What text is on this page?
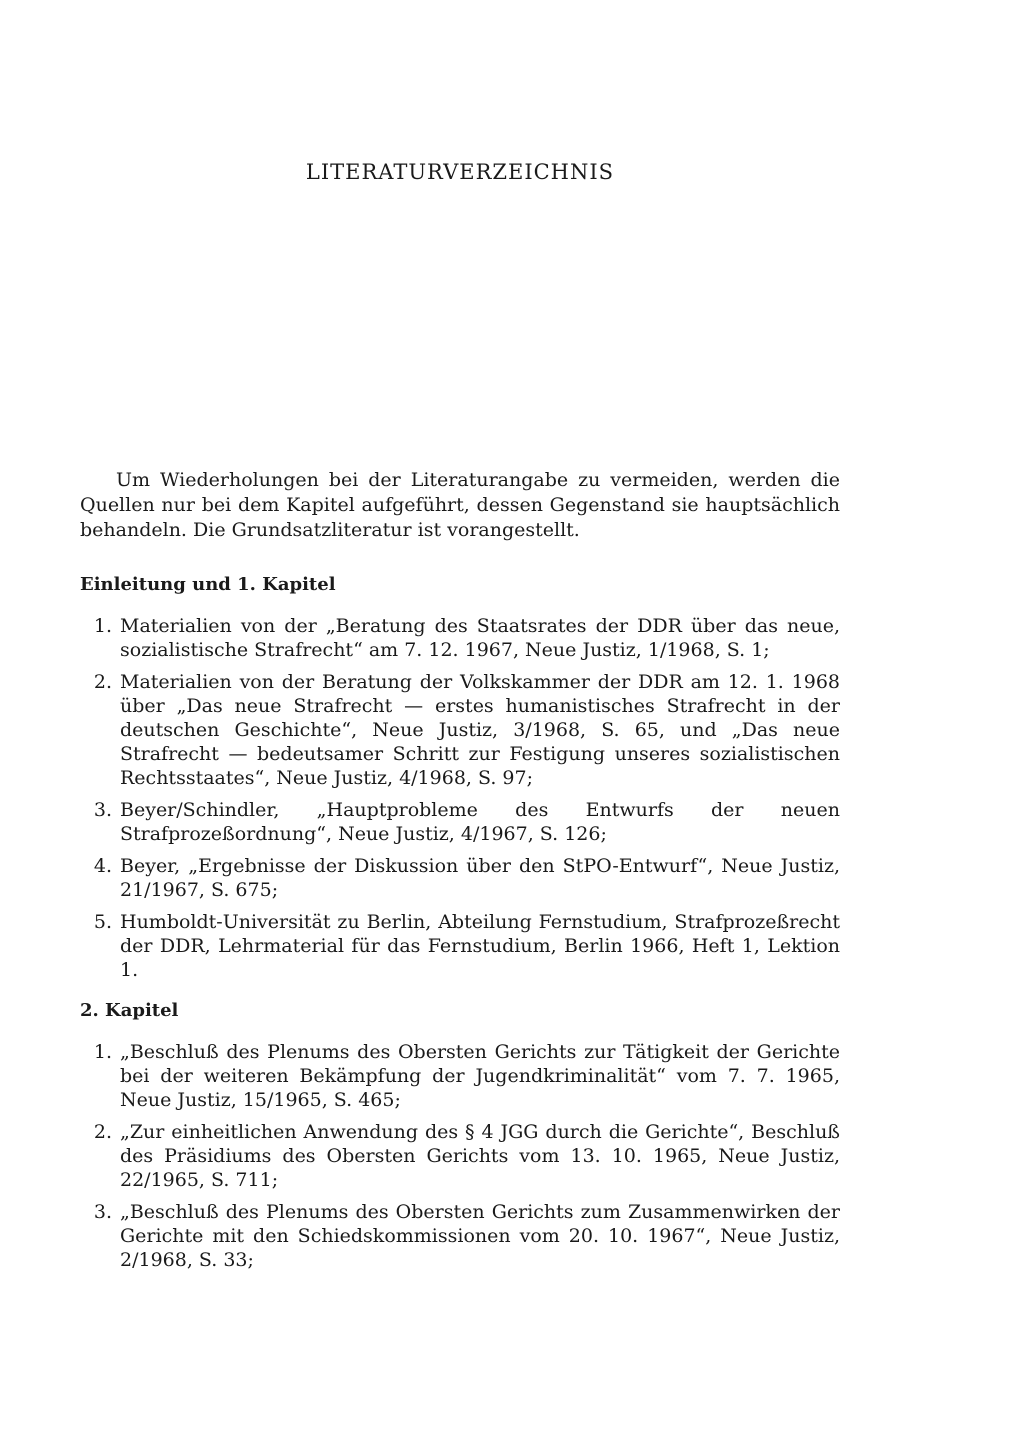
LITERATURVERZEICHNIS

Um Wiederholungen bei der Literaturangabe zu vermeiden, werden die Quellen nur bei dem Kapitel aufgeführt, dessen Gegenstand sie hauptsächlich behandeln. Die Grundsatzliteratur ist vorangestellt.

Einleitung und 1. Kapitel
1. Materialien von der „Beratung des Staatsrates der DDR über das neue, sozialistische Strafrecht“ am 7. 12. 1967, Neue Justiz, 1/1968, S. 1;
2. Materialien von der Beratung der Volkskammer der DDR am 12. 1. 1968 über „Das neue Strafrecht — erstes humanistisches Strafrecht in der deutschen Geschichte“, Neue Justiz, 3/1968, S. 65, und „Das neue Strafrecht — bedeutsamer Schritt zur Festigung unseres sozialistischen Rechtsstaates“, Neue Justiz, 4/1968, S. 97;
3. Beyer/Schindler, „Hauptprobleme des Entwurfs der neuen Strafprozeßordnung“, Neue Justiz, 4/1967, S. 126;
4. Beyer, „Ergebnisse der Diskussion über den StPO-Entwurf“, Neue Justiz, 21/1967, S. 675;
5. Humboldt-Universität zu Berlin, Abteilung Fernstudium, Strafprozeßrecht der DDR, Lehrmaterial für das Fernstudium, Berlin 1966, Heft 1, Lektion 1.
2. Kapitel
1. „Beschluß des Plenums des Obersten Gerichts zur Tätigkeit der Gerichte bei der weiteren Bekämpfung der Jugendkriminalität“ vom 7. 7. 1965, Neue Justiz, 15/1965, S. 465;
2. „Zur einheitlichen Anwendung des § 4 JGG durch die Gerichte“, Beschluß des Präsidiums des Obersten Gerichts vom 13. 10. 1965, Neue Justiz, 22/1965, S. 711;
3. „Beschluß des Plenums des Obersten Gerichts zum Zusammenwirken der Gerichte mit den Schiedskommissionen vom 20. 10. 1967“, Neue Justiz, 2/1968, S. 33;
